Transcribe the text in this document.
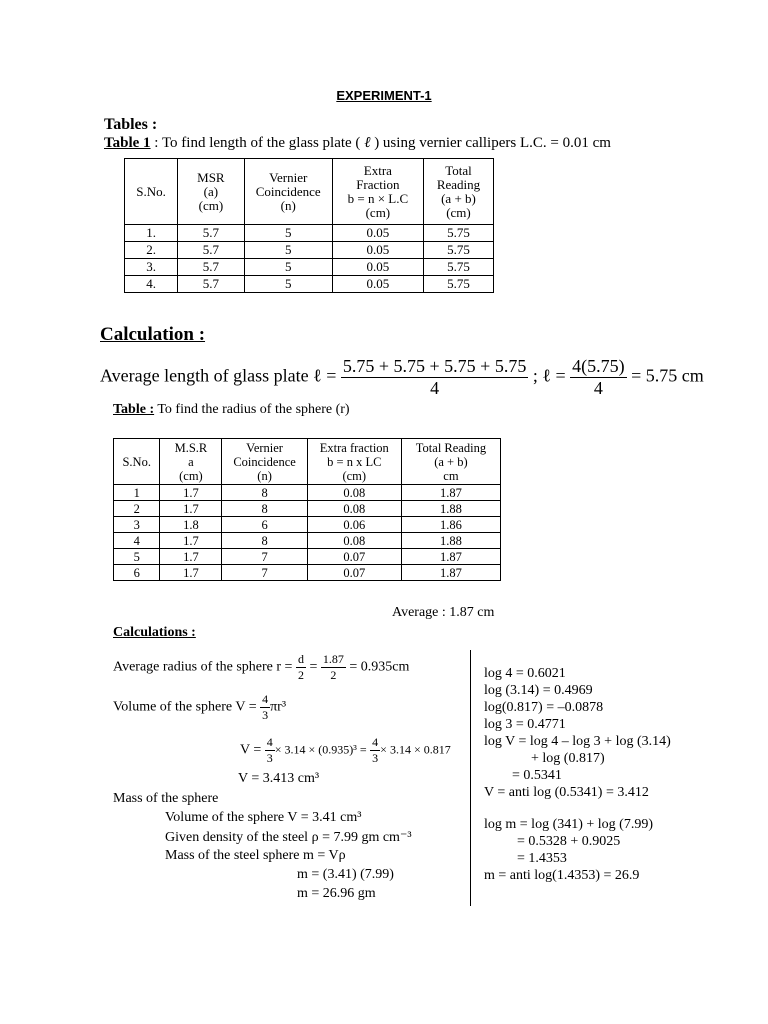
EXPERIMENT-1
Tables :
Table 1 : To find length of the glass plate ( ℓ ) using vernier callipers L.C. = 0.01 cm
S.No.	MSR
(a)
(cm)	Vernier
Coincidence
(n)	Extra
Fraction
b = n × L.C
(cm)	Total
Reading
(a + b)
(cm)
1.	5.7	5	0.05	5.75
2.	5.7	5	0.05	5.75
3.	5.7	5	0.05	5.75
4.	5.7	5	0.05	5.75
Calculation :
Average length of glass plate ℓ = $\frac{5.75 + 5.75 + 5.75 + 5.75}{4}$ ; ℓ = $\frac{4(5.75)}{4} = 5.75$ cm
Table : To find the radius of the sphere (r)
S.No.	M.S.R
a
(cm)	Vernier
Coincidence
(n)	Extra fraction
b = n x LC
(cm)	Total Reading
(a + b)
cm
1	1.7	8	0.08	1.87
2	1.7	8	0.08	1.88
3	1.8	6	0.06	1.86
4	1.7	8	0.08	1.88
5	1.7	7	0.07	1.87
6	1.7	7	0.07	1.87
Average : 1.87 cm
Calculations :
Average radius of the sphere $r = \frac{d}{2} = \frac{1.87}{2} = 0.935cm$
Volume of the sphere $V = \frac{4}{3} \pi r^3$
$V = \frac{4}{3} \times 3.14 \times (0.935)^3 = \frac{4}{3} \times 3.14 \times 0.817$
V = 3.413 cm³
Mass of the sphere
Volume of the sphere V = 3.41 cm³
Given density of the steel ρ = 7.99 gm cm⁻³
Mass of the steel sphere m = Vρ
m = (3.41) (7.99)
m = 26.96 gm
log 4 = 0.6021
log (3.14) = 0.4969
log(0.817) = –0.0878
log 3 = 0.4771
log V = log 4 – log 3 + log (3.14)
+ log (0.817)
= 0.5341
V = anti log (0.5341) = 3.412
log m = log (341) + log (7.99)
= 0.5328 + 0.9025
= 1.4353
m = anti log(1.4353) = 26.9
